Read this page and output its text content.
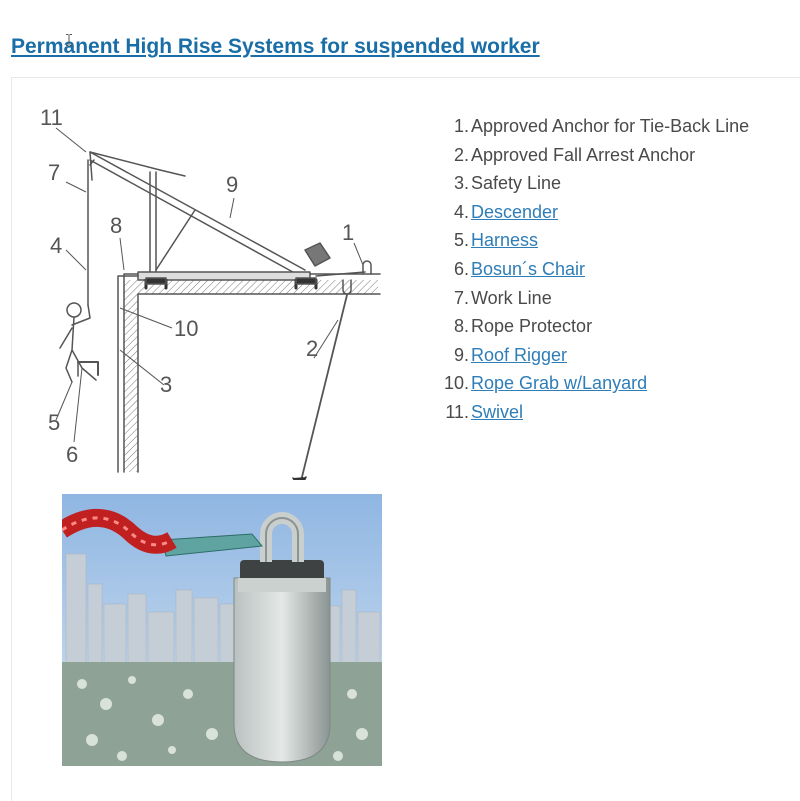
Permanent High Rise Systems for suspended worker
11
7
4
8
9
1
10
2
3
5
6
1. Approved Anchor for Tie-Back Line
2. Approved Fall Arrest Anchor
3. Safety Line
4. Descender
5. Harness
6. Bosun´s Chair
7. Work Line
8. Rope Protector
9. Roof Rigger
10. Rope Grab w/Lanyard
11. Swivel
